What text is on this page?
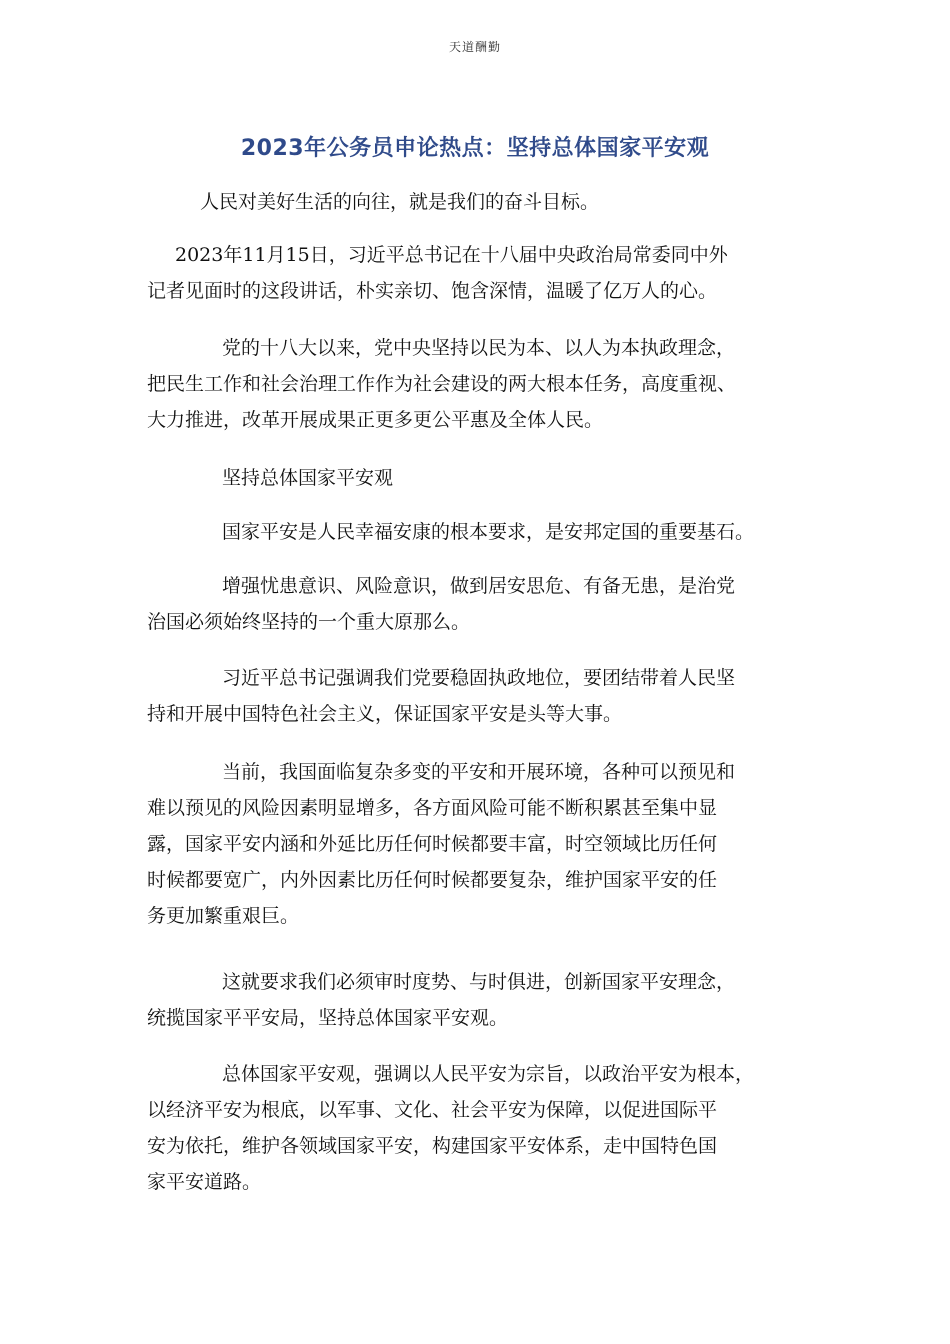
天道酬勤
2023年公务员申论热点：坚持总体国家平安观

人民对美好生活的向往，就是我们的奋斗目标。

2023年11月15日，习近平总书记在十八届中央政治局常委同中外
记者见面时的这段讲话，朴实亲切、饱含深情，温暖了亿万人的心。

党的十八大以来，党中央坚持以民为本、以人为本执政理念，
把民生工作和社会治理工作作为社会建设的两大根本任务，高度重视、
大力推进，改革开展成果正更多更公平惠及全体人民。

坚持总体国家平安观

国家平安是人民幸福安康的根本要求，是安邦定国的重要基石。

增强忧患意识、风险意识，做到居安思危、有备无患，是治党
治国必须始终坚持的一个重大原那么。

习近平总书记强调我们党要稳固执政地位，要团结带着人民坚
持和开展中国特色社会主义，保证国家平安是头等大事。

当前，我国面临复杂多变的平安和开展环境，各种可以预见和
难以预见的风险因素明显增多，各方面风险可能不断积累甚至集中显
露，国家平安内涵和外延比历任何时候都要丰富，时空领域比历任何
时候都要宽广，内外因素比历任何时候都要复杂，维护国家平安的任
务更加繁重艰巨。

这就要求我们必须审时度势、与时俱进，创新国家平安理念，
统揽国家平平安局，坚持总体国家平安观。

总体国家平安观，强调以人民平安为宗旨，以政治平安为根本，
以经济平安为根底，以军事、文化、社会平安为保障，以促进国际平
安为依托，维护各领域国家平安，构建国家平安体系，走中国特色国
家平安道路。
